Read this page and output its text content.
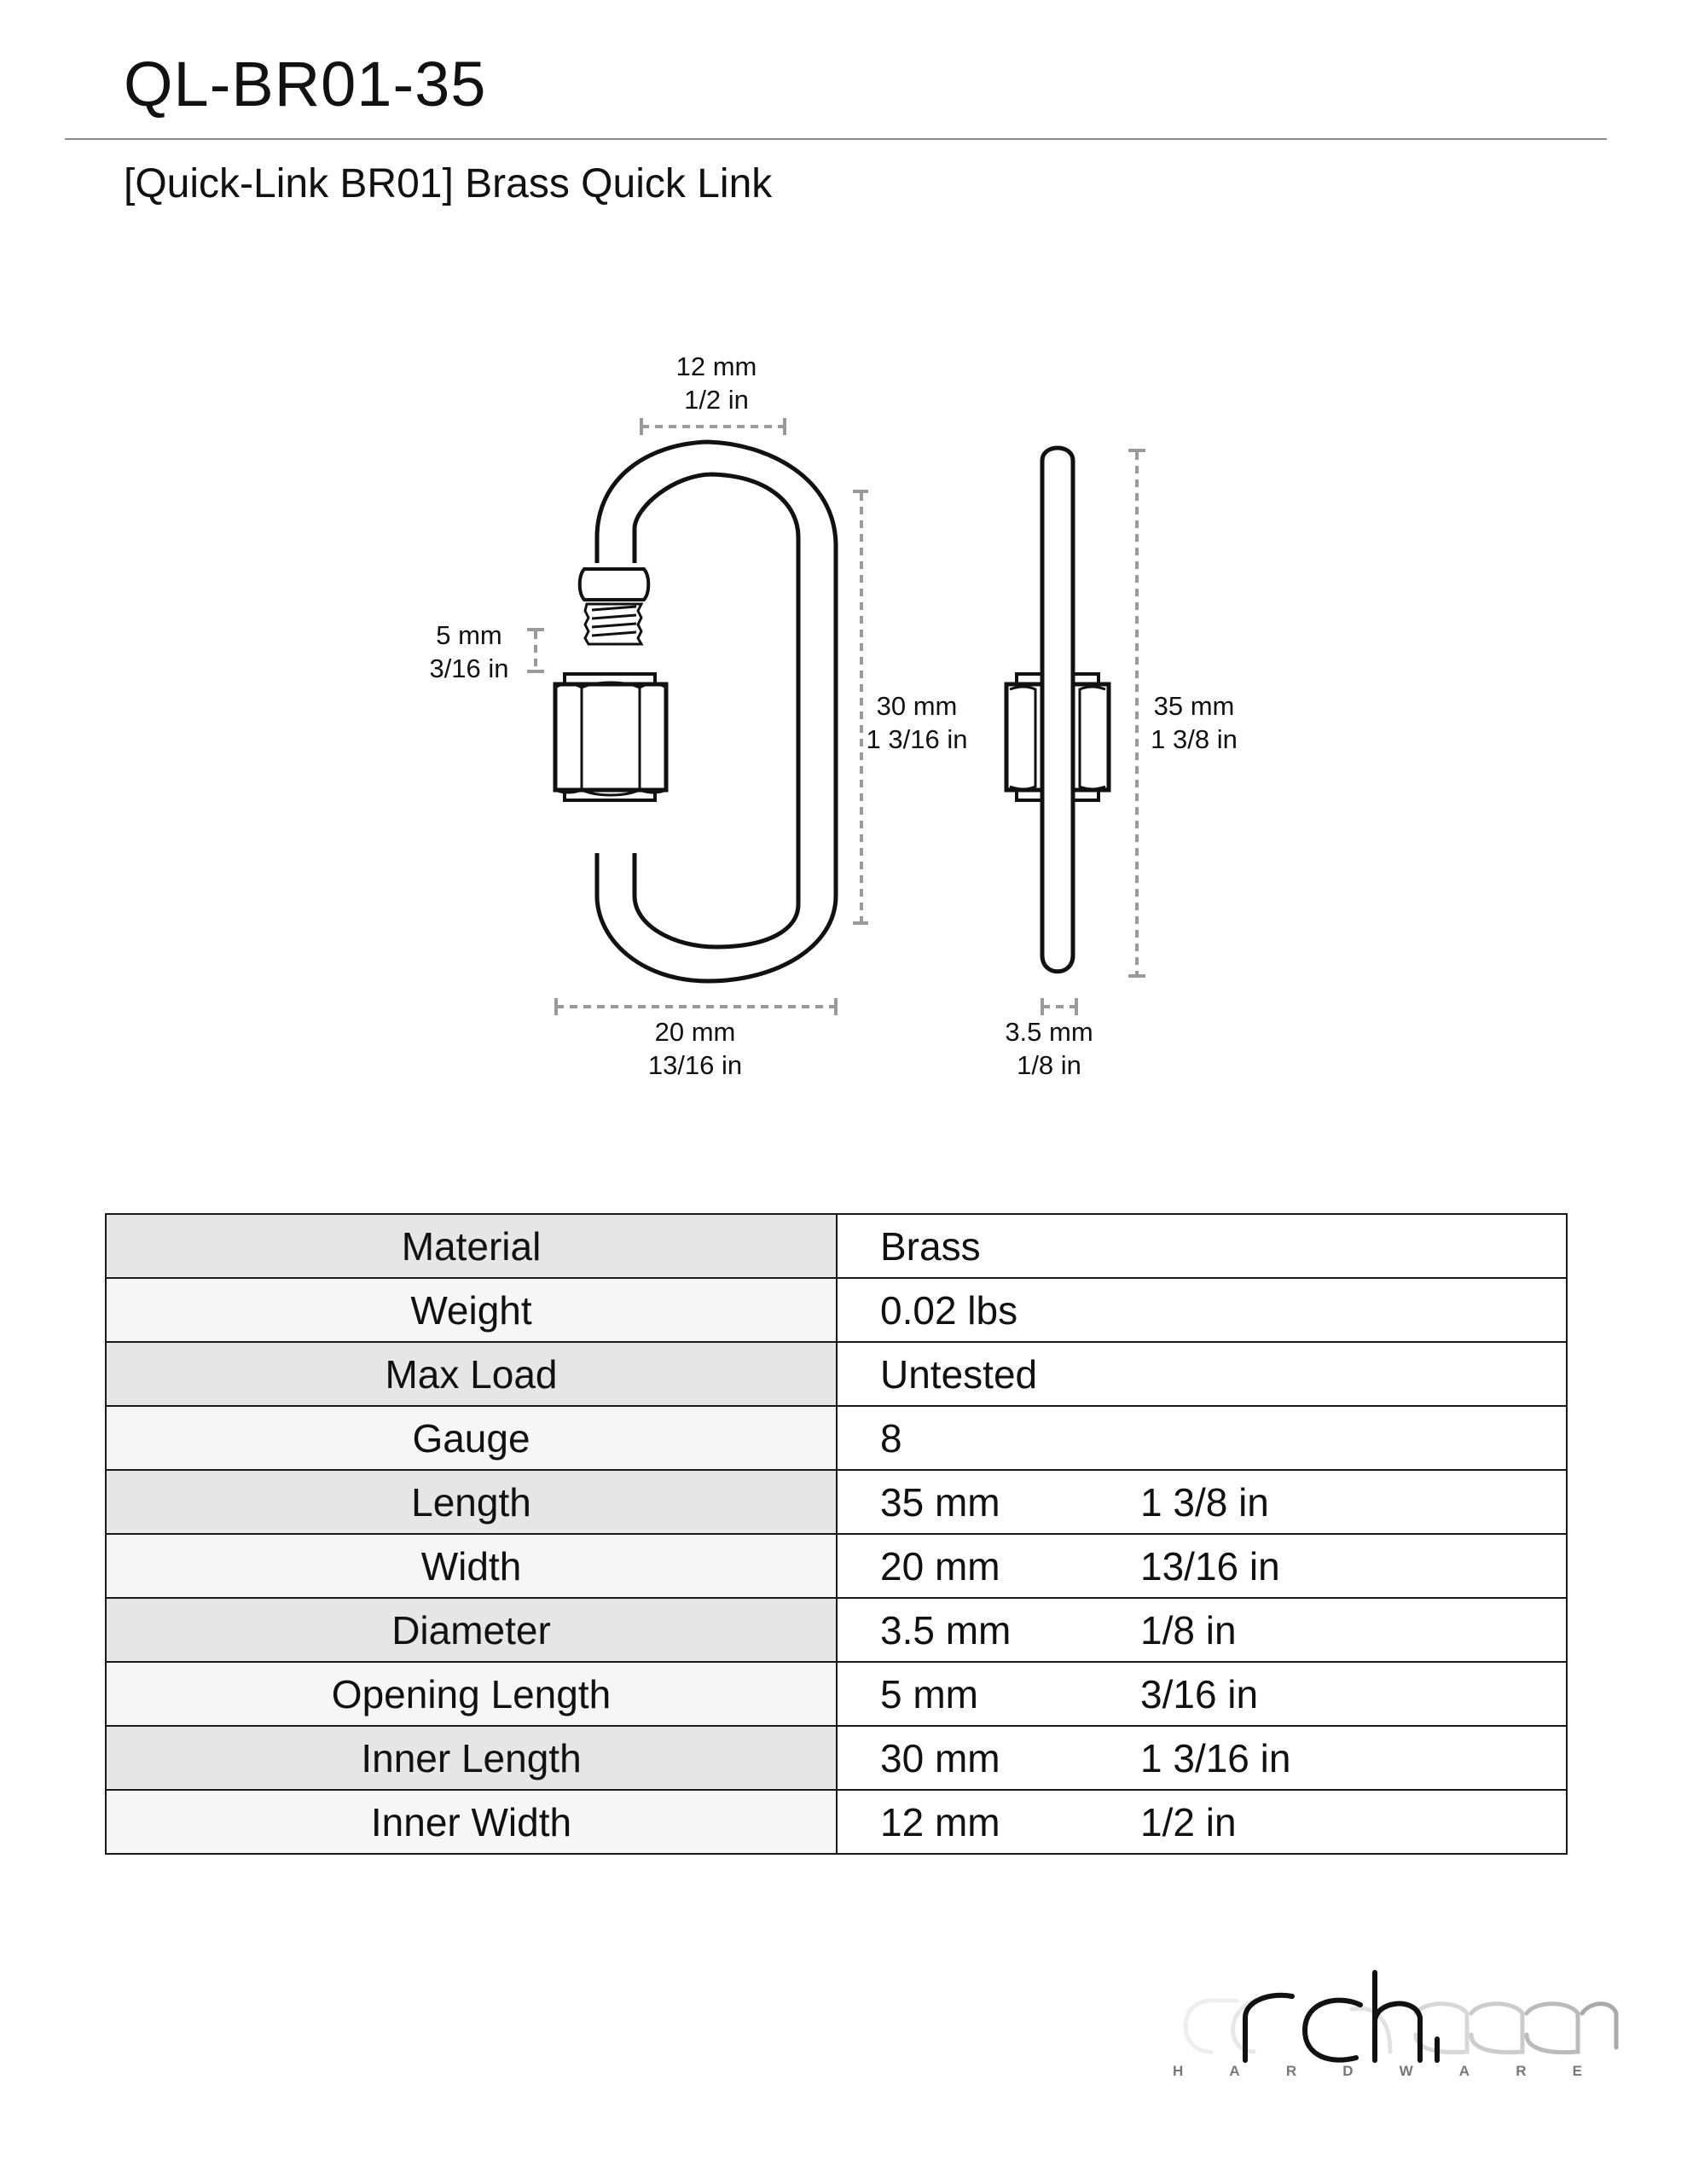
QL-BR01-35
[Quick-Link BR01] Brass Quick Link
12 mm
1/2 in
5 mm
3/16 in
30 mm
1 3/16 in
35 mm
1 3/8 in
20 mm
13/16 in
3.5 mm
1/8 in
Material	Brass
Weight	0.02 lbs
Max Load	Untested
Gauge	8
Length	35 mm 1 3/8 in
Width	20 mm 13/16 in
Diameter	3.5 mm 1/8 in
Opening Length	5 mm 3/16 in
Inner Length	30 mm 1 3/16 in
Inner Width	12 mm 1/2 in
H	A	R	D	W	A	R	E
